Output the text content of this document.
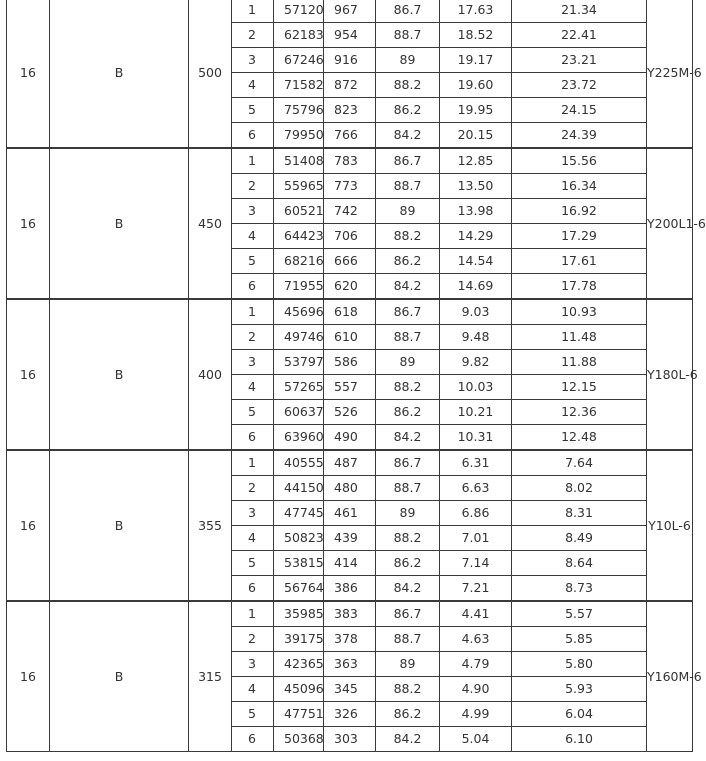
16	B	500	1	57120	967	86.7	17.63	21.34	Y225M-6	
			2	62183	954	88.7	18.52	22.41		
			3	67246	916	89	19.17	23.21		
			4	71582	872	88.2	19.60	23.72		
			5	75796	823	86.2	19.95	24.15		
			6	79950	766	84.2	20.15	24.39		
16	B	450	1	51408	783	86.7	12.85	15.56	Y200L1-6	
			2	55965	773	88.7	13.50	16.34		
			3	60521	742	89	13.98	16.92		
			4	64423	706	88.2	14.29	17.29		
			5	68216	666	86.2	14.54	17.61		
			6	71955	620	84.2	14.69	17.78		
16	B	400	1	45696	618	86.7	9.03	10.93	Y180L-6	
			2	49746	610	88.7	9.48	11.48		
			3	53797	586	89	9.82	11.88		
			4	57265	557	88.2	10.03	12.15		
			5	60637	526	86.2	10.21	12.36		
			6	63960	490	84.2	10.31	12.48		
16	B	355	1	40555	487	86.7	6.31	7.64	Y10L-6	
			2	44150	480	88.7	6.63	8.02		
			3	47745	461	89	6.86	8.31		
			4	50823	439	88.2	7.01	8.49		
			5	53815	414	86.2	7.14	8.64		
			6	56764	386	84.2	7.21	8.73		
16	B	315	1	35985	383	86.7	4.41	5.57	Y160M-6	
			2	39175	378	88.7	4.63	5.85		
			3	42365	363	89	4.79	5.80		
			4	45096	345	88.2	4.90	5.93		
			5	47751	326	86.2	4.99	6.04		
			6	50368	303	84.2	5.04	6.10		
